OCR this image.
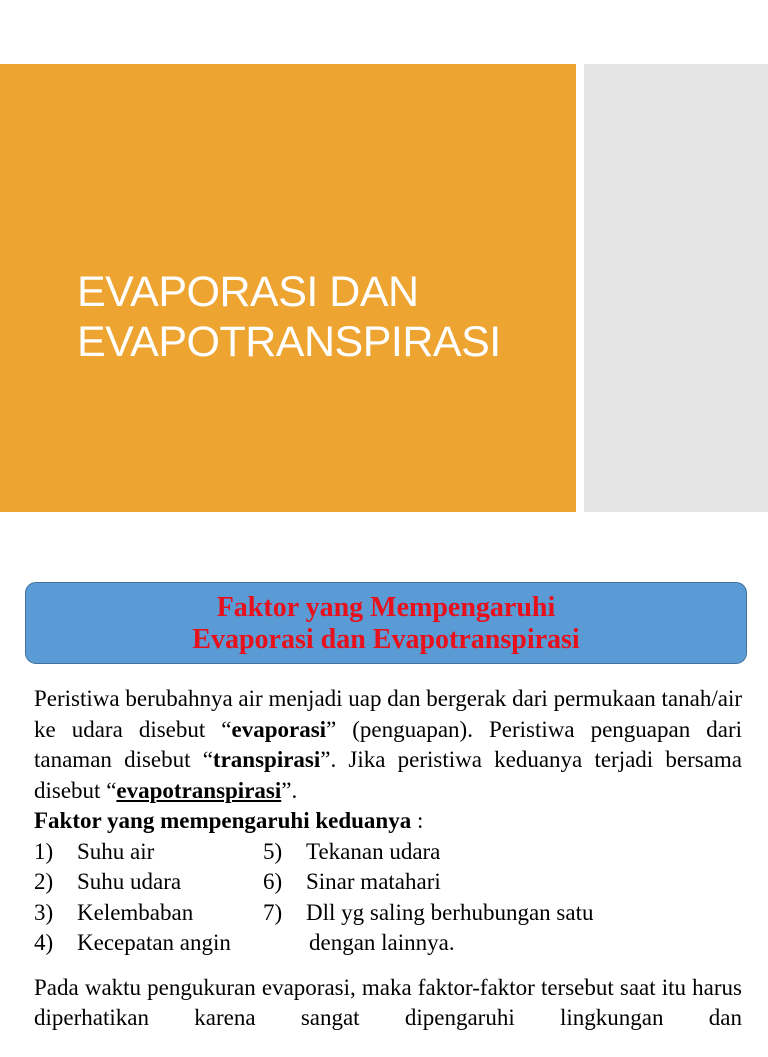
EVAPORASI DAN
EVAPOTRANSPIRASI
Faktor yang Mempengaruhi
Evaporasi dan Evapotranspirasi

Peristiwa berubahnya air menjadi uap dan bergerak dari permukaan tanah/air ke udara disebut “evaporasi” (penguapan). Peristiwa penguapan dari tanaman disebut “transpirasi”. Jika peristiwa keduanya terjadi bersama disebut “evapotranspirasi”.

Faktor yang mempengaruhi keduanya :

1) Suhu air
2) Suhu udara
3) Kelembaban
4) Kecepatan angin
5) Tekanan udara
6) Sinar matahari
7) Dll yg saling berhubungan satu
dengan lainnya.

Pada waktu pengukuran evaporasi, maka faktor-faktor tersebut saat itu harus diperhatikan karena sangat dipengaruhi lingkungan dan
